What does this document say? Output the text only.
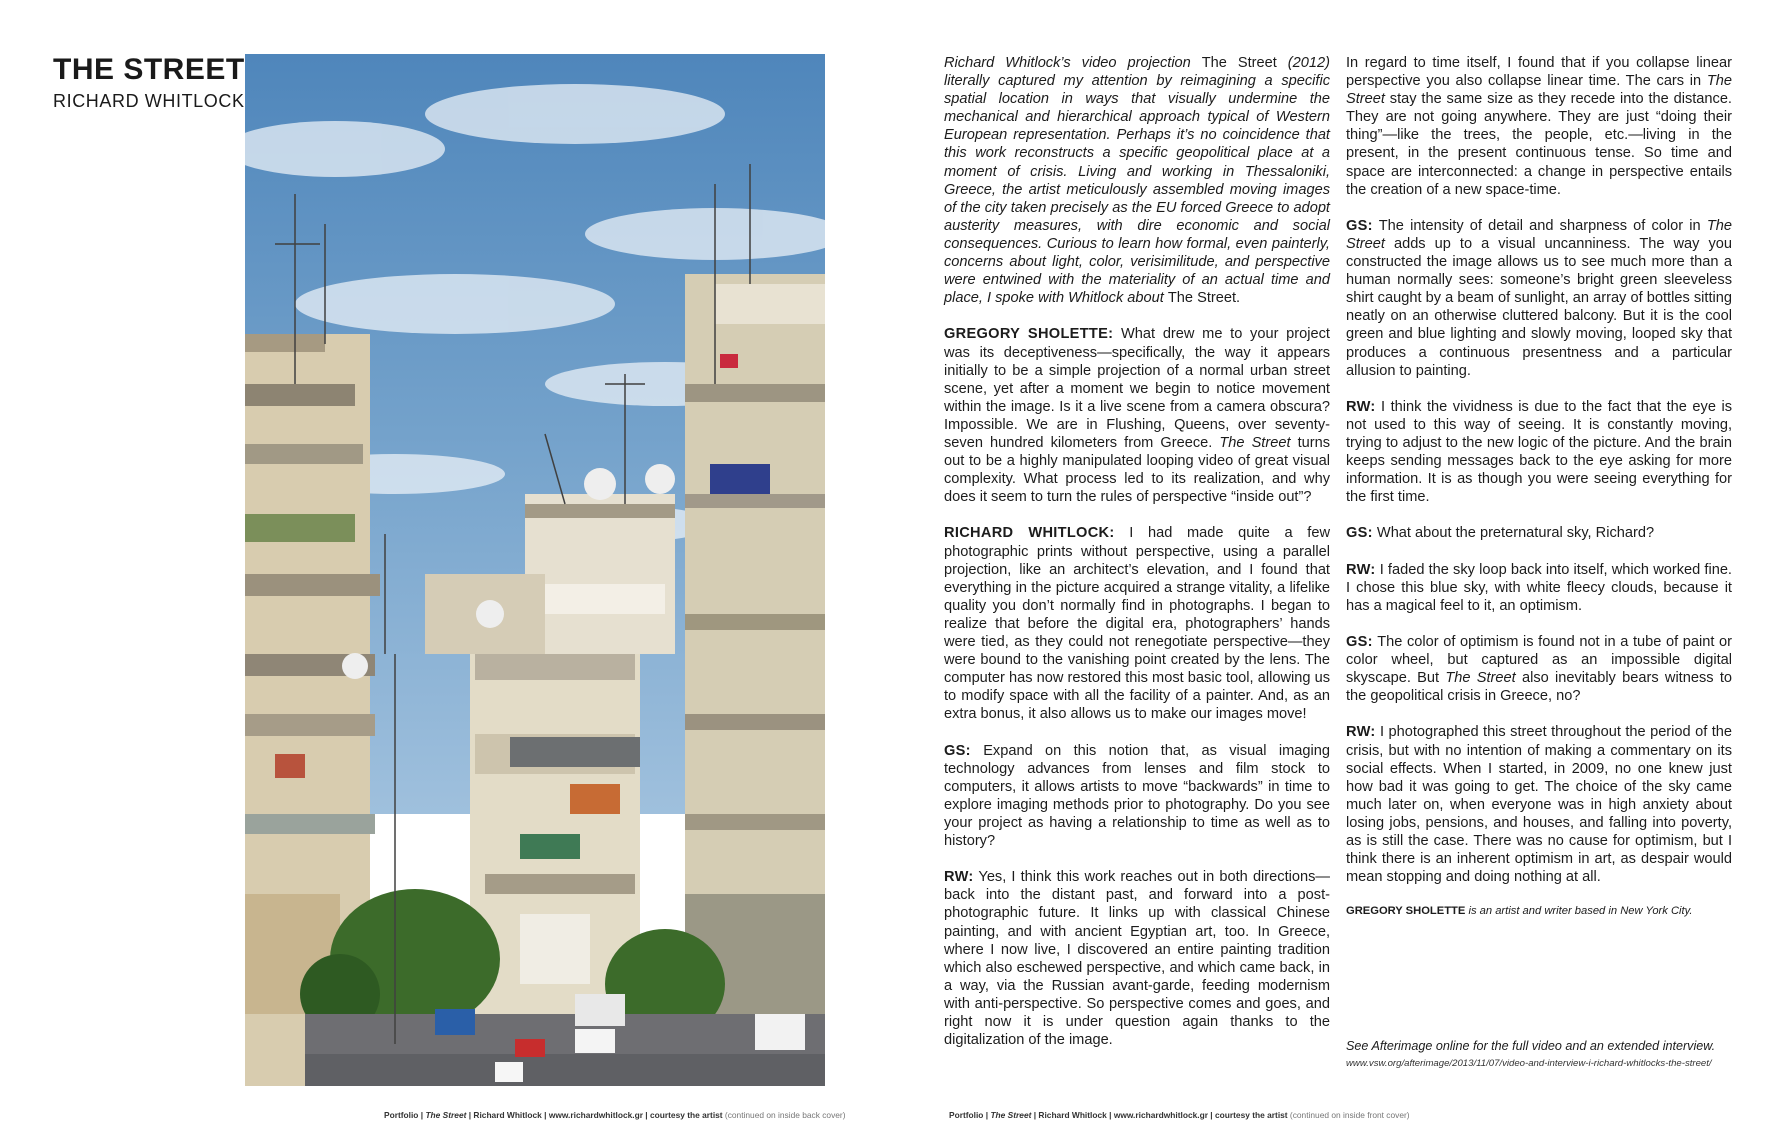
THE STREET
RICHARD WHITLOCK
Portfolio | The Street | Richard Whitlock | www.richardwhitlock.gr | courtesy the artist (continued on inside back cover)

Richard Whitlock’s video projection The Street (2012) literally captured my attention by reimagining a specific spatial location in ways that visually undermine the mechanical and hierarchical approach typical of Western European representation. Perhaps it’s no coincidence that this work reconstructs a specific geopolitical place at a moment of crisis. Living and working in Thessaloniki, Greece, the artist meticulously assembled moving images of the city taken precisely as the EU forced Greece to adopt austerity measures, with dire economic and social consequences. Curious to learn how formal, even painterly, concerns about light, color, verisimilitude, and perspective were entwined with the materiality of an actual time and place, I spoke with Whitlock about The Street.

GREGORY SHOLETTE: What drew me to your project was its deceptiveness—specifically, the way it appears initially to be a simple projection of a normal urban street scene, yet after a moment we begin to notice movement within the image. Is it a live scene from a camera obscura? Impossible. We are in Flushing, Queens, over seventy-seven hundred kilometers from Greece. The Street turns out to be a highly manipulated looping video of great visual complexity. What process led to its realization, and why does it seem to turn the rules of perspective “inside out”?

RICHARD WHITLOCK: I had made quite a few photographic prints without perspective, using a parallel projection, like an architect’s elevation, and I found that everything in the picture acquired a strange vitality, a lifelike quality you don’t normally find in photographs. I began to realize that before the digital era, photographers’ hands were tied, as they could not renegotiate perspective—they were bound to the vanishing point created by the lens. The computer has now restored this most basic tool, allowing us to modify space with all the facility of a painter. And, as an extra bonus, it also allows us to make our images move!

GS: Expand on this notion that, as visual imaging technology advances from lenses and film stock to computers, it allows artists to move “backwards” in time to explore imaging methods prior to photography. Do you see your project as having a relationship to time as well as to history?

RW: Yes, I think this work reaches out in both directions—back into the distant past, and forward into a post-photographic future. It links up with classical Chinese painting, and with ancient Egyptian art, too. In Greece, where I now live, I discovered an entire painting tradition which also eschewed perspective, and which came back, in a way, via the Russian avant-garde, feeding modernism with anti-perspective. So perspective comes and goes, and right now it is under question again thanks to the digitalization of the image.

In regard to time itself, I found that if you collapse linear perspective you also collapse linear time. The cars in The Street stay the same size as they recede into the distance. They are not going anywhere. They are just “doing their thing”—like the trees, the people, etc.—living in the present, in the present continuous tense. So time and space are interconnected: a change in perspective entails the creation of a new space-time.

GS: The intensity of detail and sharpness of color in The Street adds up to a visual uncanniness. The way you constructed the image allows us to see much more than a human normally sees: someone’s bright green sleeveless shirt caught by a beam of sunlight, an array of bottles sitting neatly on an otherwise cluttered balcony. But it is the cool green and blue lighting and slowly moving, looped sky that produces a continuous presentness and a particular allusion to painting.

RW: I think the vividness is due to the fact that the eye is not used to this way of seeing. It is constantly moving, trying to adjust to the new logic of the picture. And the brain keeps sending messages back to the eye asking for more information. It is as though you were seeing everything for the first time.

GS: What about the preternatural sky, Richard?

RW: I faded the sky loop back into itself, which worked fine. I chose this blue sky, with white fleecy clouds, because it has a magical feel to it, an optimism.

GS: The color of optimism is found not in a tube of paint or color wheel, but captured as an impossible digital skyscape. But The Street also inevitably bears witness to the geopolitical crisis in Greece, no?

RW: I photographed this street throughout the period of the crisis, but with no intention of making a commentary on its social effects. When I started, in 2009, no one knew just how bad it was going to get. The choice of the sky came much later on, when everyone was in high anxiety about losing jobs, pensions, and houses, and falling into poverty, as is still the case. There was no cause for optimism, but I think there is an inherent optimism in art, as despair would mean stopping and doing nothing at all.

GREGORY SHOLETTE is an artist and writer based in New York City.

See Afterimage online for the full video and an extended interview.
www.vsw.org/afterimage/2013/11/07/video-and-interview-i-richard-whitlocks-the-street/
Portfolio | The Street | Richard Whitlock | www.richardwhitlock.gr | courtesy the artist (continued on inside front cover)
